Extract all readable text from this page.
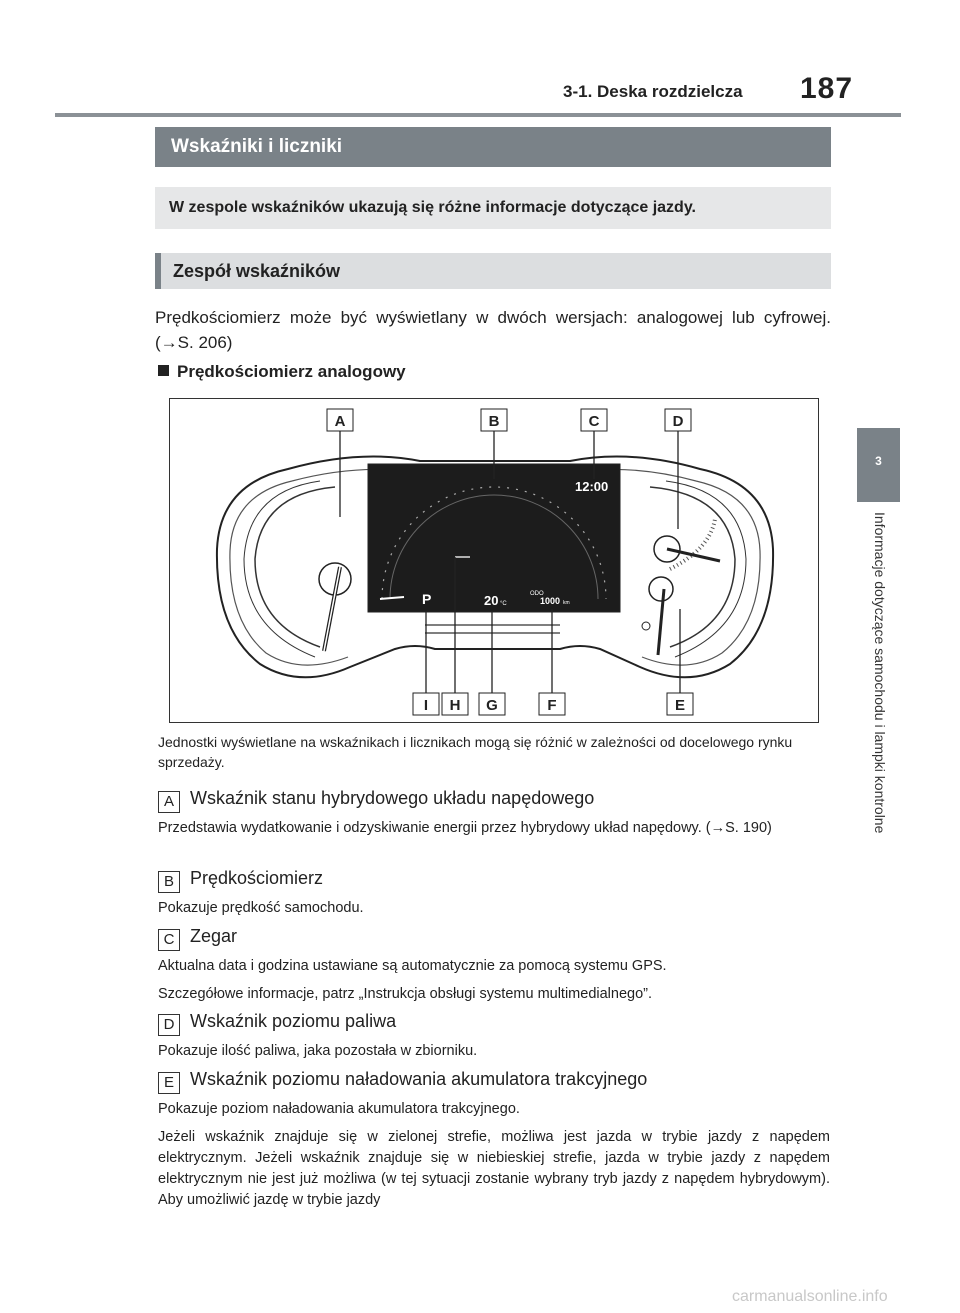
3-1. Deska rozdzielcza 187
Wskaźniki i liczniki
W zespole wskaźników ukazują się różne informacje dotyczące jazdy.
Zespół wskaźników
Prędkościomierz może być wyświetlany w dwóch wersjach: analogowej lub cyfrowej. (→S. 206)
Prędkościomierz analogowy
12:00
P	20 °C
ODO
1000 km
A	B	C	D
E
F
G
H
I
Jednostki wyświetlane na wskaźnikach i licznikach mogą się różnić w zależności od docelowego rynku sprzedaży.
A Wskaźnik stanu hybrydowego układu napędowego
Przedstawia wydatkowanie i odzyskiwanie energii przez hybrydowy układ napędowy. (→S. 190)
B Prędkościomierz
Pokazuje prędkość samochodu.
C Zegar
Aktualna data i godzina ustawiane są automatycznie za pomocą systemu GPS.
Szczegółowe informacje, patrz „Instrukcja obsługi systemu multimedialnego”.
D Wskaźnik poziomu paliwa
Pokazuje ilość paliwa, jaka pozostała w zbiorniku.
E Wskaźnik poziomu naładowania akumulatora trakcyjnego
Pokazuje poziom naładowania akumulatora trakcyjnego.
Jeżeli wskaźnik znajduje się w zielonej strefie, możliwa jest jazda w trybie jazdy z napędem elektrycznym. Jeżeli wskaźnik znajduje się w niebieskiej strefie, jazda w trybie jazdy z napędem elektrycznym nie jest już możliwa (w tej sytuacji zostanie wybrany tryb jazdy z napędem hybrydowym). Aby umożliwić jazdę w trybie jazdy
3
Informacje dotyczące samochodu i lampki kontrolne
carmanualsonline.info
